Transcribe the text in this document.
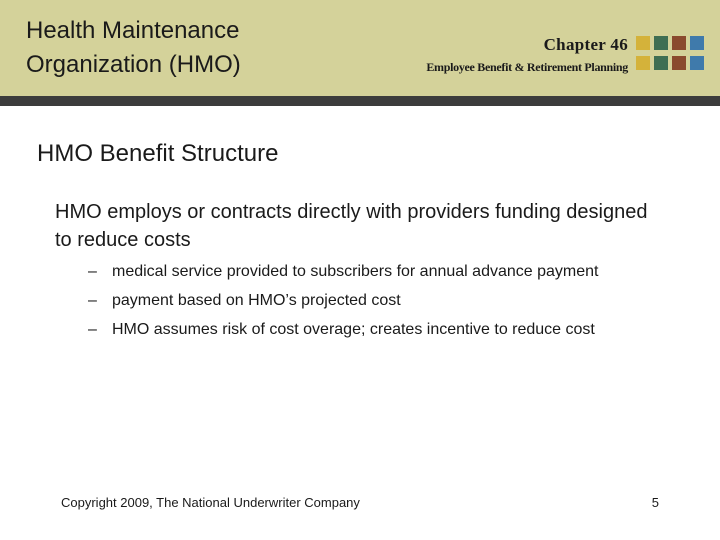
Health Maintenance Organization (HMO)
Chapter 46
Employee Benefit & Retirement Planning
HMO Benefit Structure
HMO employs or contracts directly with providers funding designed to reduce costs
– medical service provided to subscribers for annual advance payment
– payment based on HMO’s projected cost
– HMO assumes risk of cost overage; creates incentive to reduce cost
Copyright 2009, The National Underwriter Company	5
